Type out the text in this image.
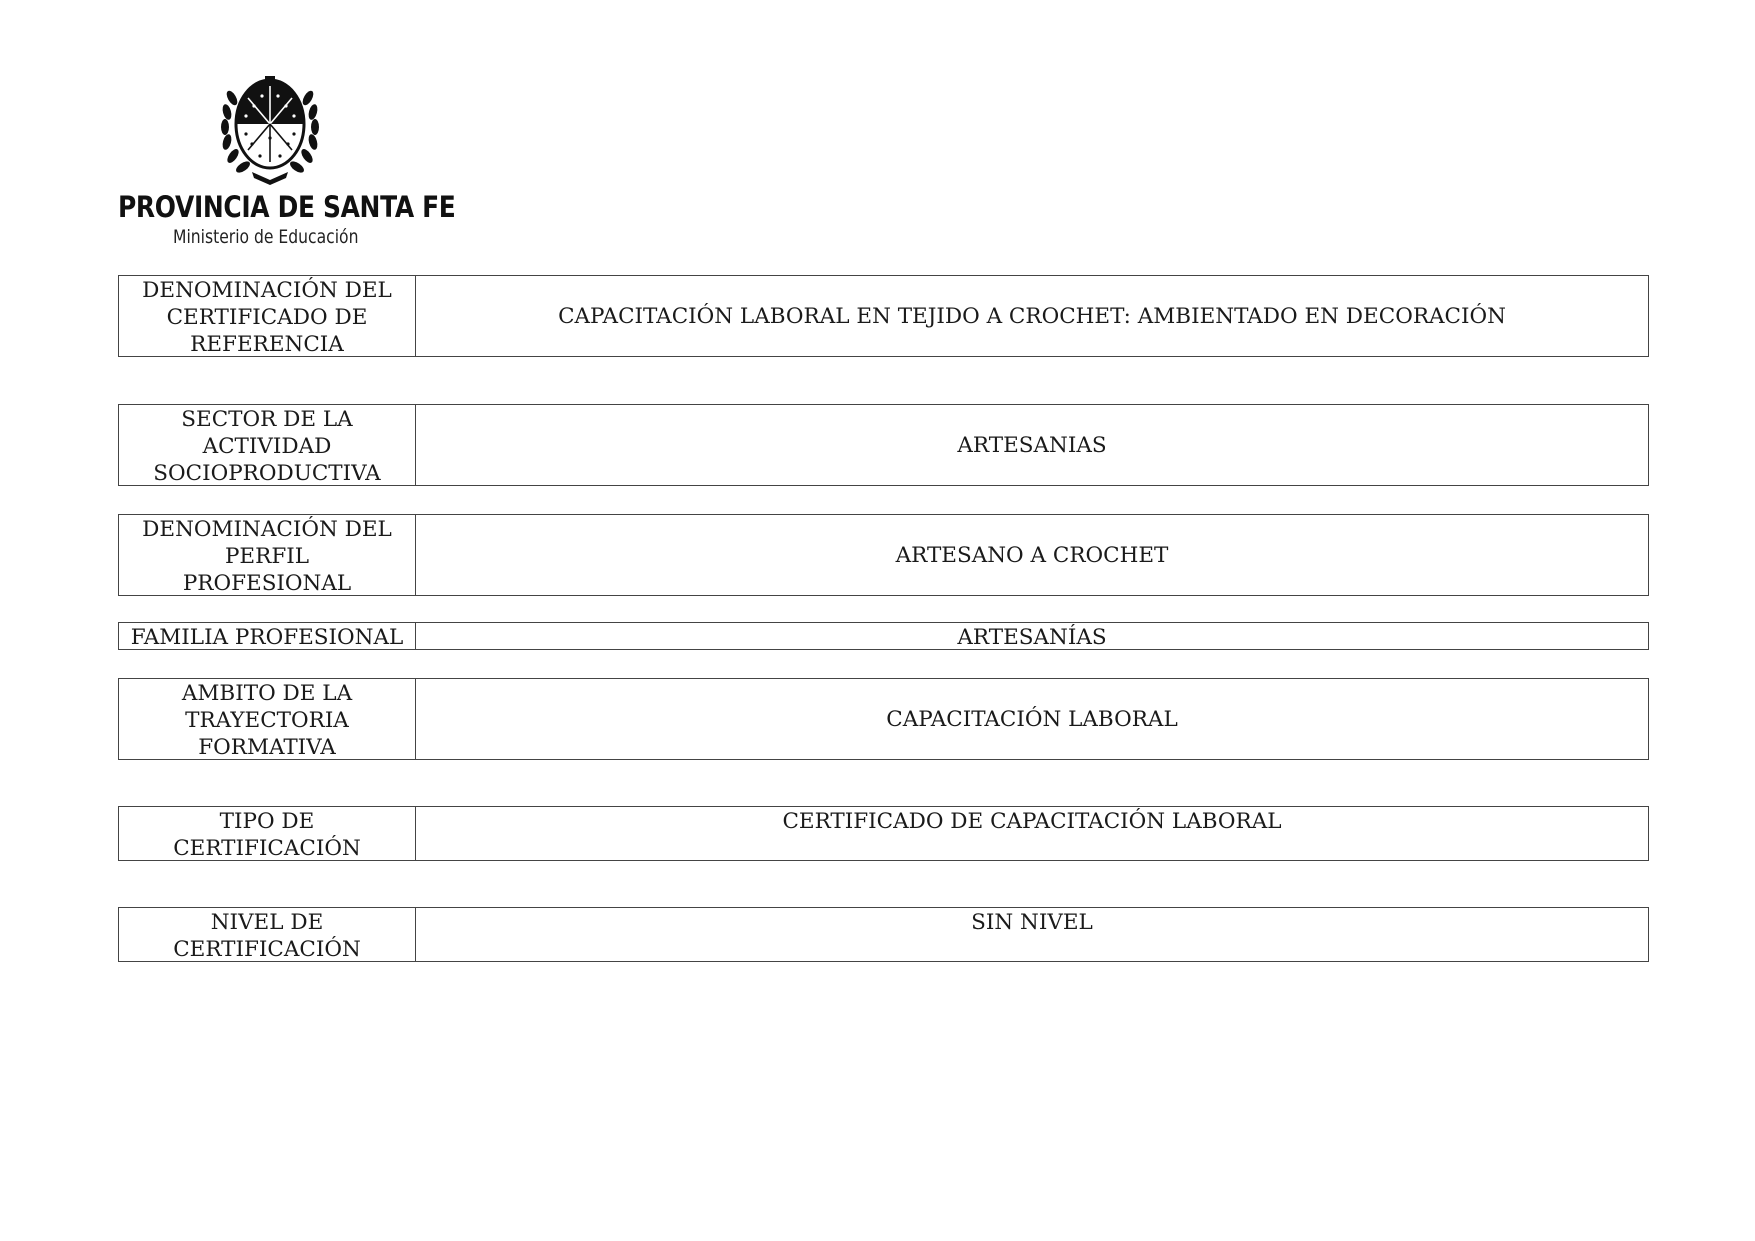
PROVINCIA DE SANTA FE
Ministerio de Educación
DENOMINACIÓN DEL
CERTIFICADO DE
REFERENCIA
CAPACITACIÓN LABORAL EN TEJIDO A CROCHET: AMBIENTADO EN DECORACIÓN
SECTOR DE LA
ACTIVIDAD
SOCIOPRODUCTIVA
ARTESANIAS
DENOMINACIÓN DEL
PERFIL
PROFESIONAL
ARTESANO A CROCHET
FAMILIA PROFESIONAL	ARTESANÍAS
AMBITO DE LA
TRAYECTORIA
FORMATIVA
CAPACITACIÓN LABORAL
TIPO DE
CERTIFICACIÓN
CERTIFICADO DE CAPACITACIÓN LABORAL
NIVEL DE
CERTIFICACIÓN
SIN NIVEL
